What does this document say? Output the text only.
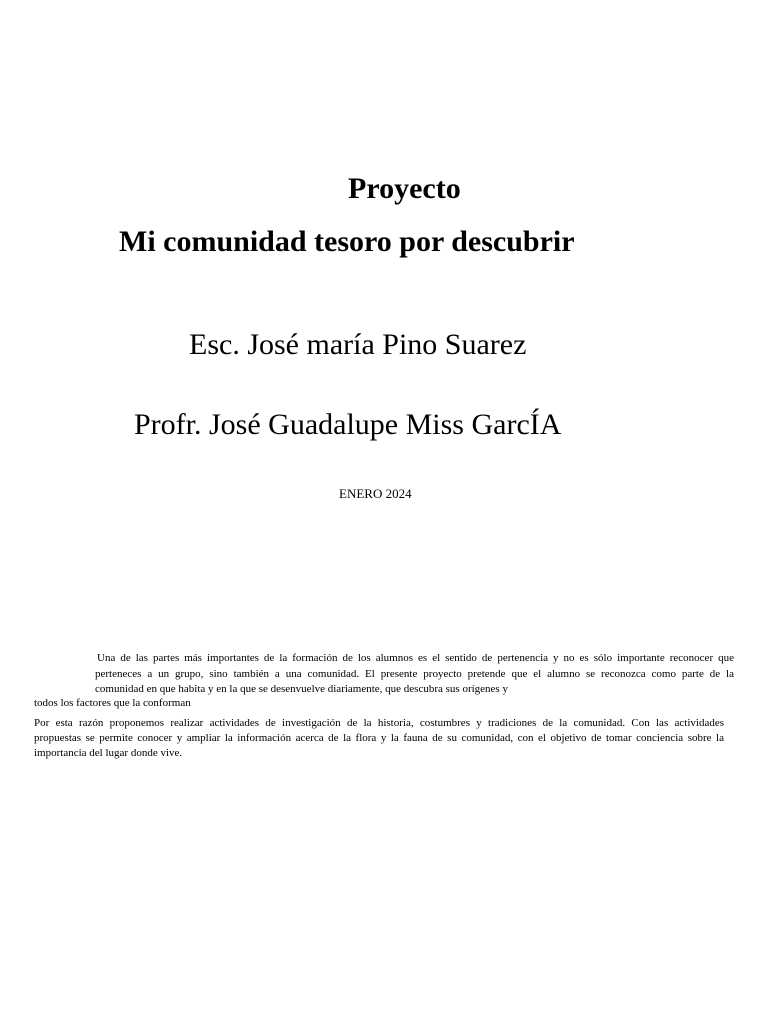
Proyecto
Mi comunidad tesoro por descubrir
Esc. José maría Pino Suarez
Profr. José Guadalupe Miss GarcÍA
ENERO 2024
Una de las partes más importantes de la formación de los alumnos es el sentido de pertenencia y no es sólo importante reconocer que
perteneces a un grupo, sino también a una comunidad. El presente proyecto pretende que el alumno se reconozca como parte de la
comunidad en que habita y en la que se desenvuelve diariamente, que descubra sus orígenes y
todos los factores que la conforman
Por esta razón proponemos realizar actividades de investigación de la historia, costumbres y tradiciones de la comunidad. Con las actividades
propuestas se permite conocer y ampliar la información acerca de la flora y la fauna de su comunidad, con el objetivo de tomar conciencia sobre la
importancia del lugar donde vive.
